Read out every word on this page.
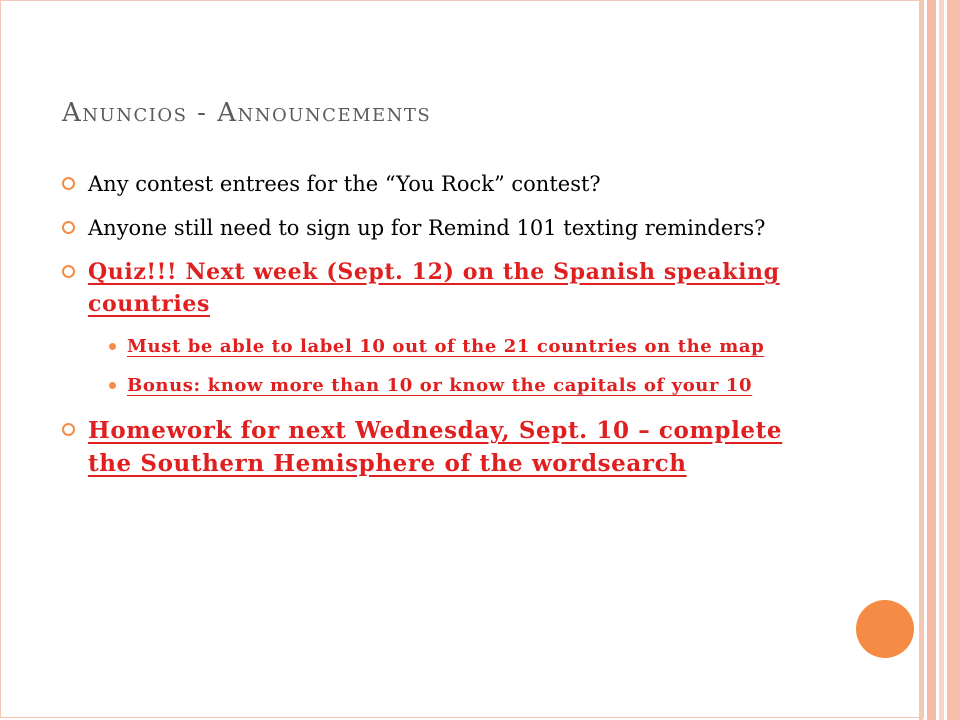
Anuncios - Announcements
Any contest entrees for the “You Rock” contest?
Anyone still need to sign up for Remind 101 texting reminders?
Quiz!!! Next week (Sept. 12) on the Spanish speaking countries
Must be able to label 10 out of the 21 countries on the map
Bonus: know more than 10 or know the capitals of your 10
Homework for next Wednesday, Sept. 10 – complete the Southern Hemisphere of the wordsearch
